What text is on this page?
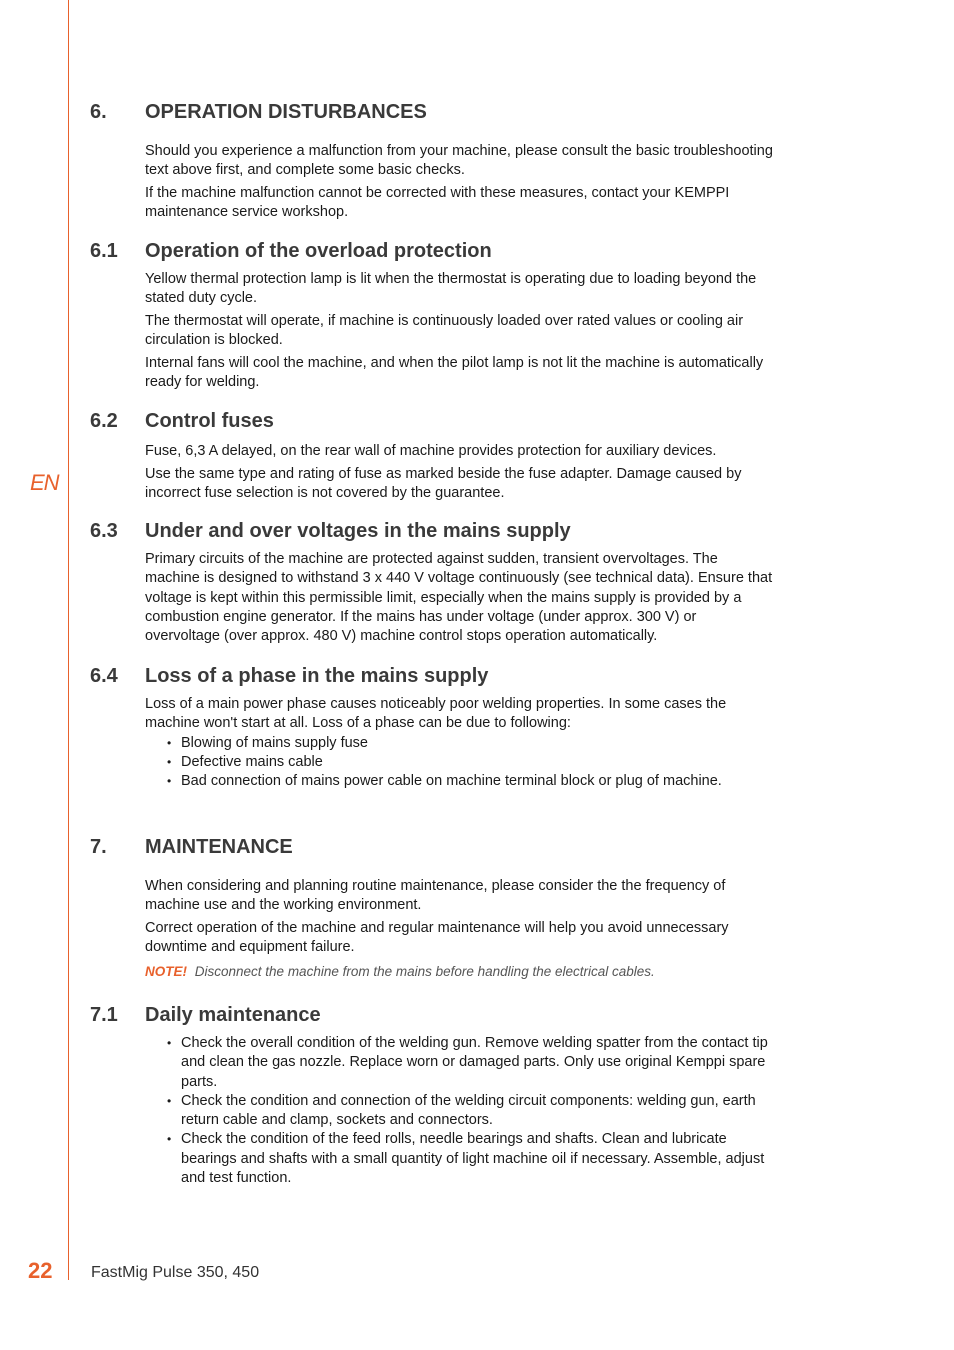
EN
6. OPERATION DISTURBANCES

Should you experience a malfunction from your machine, please consult the basic troubleshooting text above first, and complete some basic checks.

If the machine malfunction cannot be corrected with these measures, contact your KEMPPI maintenance service workshop.

6.1 Operation of the overload protection

Yellow thermal protection lamp is lit when the thermostat is operating due to loading beyond the stated duty cycle.

The thermostat will operate, if machine is continuously loaded over rated values or cooling air circulation is blocked.

Internal fans will cool the machine, and when the pilot lamp is not lit the machine is automatically ready for welding.

6.2 Control fuses

Fuse, 6,3 A delayed, on the rear wall of machine provides protection for auxiliary devices.

Use the same type and rating of fuse as marked beside the fuse adapter. Damage caused by incorrect fuse selection is not covered by the guarantee.

6.3 Under and over voltages in the mains supply

Primary circuits of the machine are protected against sudden, transient overvoltages. The machine is designed to withstand 3 x 440 V voltage continuously (see technical data). Ensure that voltage is kept within this permissible limit, especially when the mains supply is provided by a combustion engine generator. If the mains has under voltage (under approx. 300 V) or overvoltage (over approx. 480 V) machine control stops operation automatically.

6.4 Loss of a phase in the mains supply

Loss of a main power phase causes noticeably poor welding properties. In some cases the machine won't start at all. Loss of a phase can be due to following:

• Blowing of mains supply fuse
• Defective mains cable
• Bad connection of mains power cable on machine terminal block or plug of machine.
7. MAINTENANCE

When considering and planning routine maintenance, please consider the the frequency of machine use and the working environment.

Correct operation of the machine and regular maintenance will help you avoid unnecessary downtime and equipment failure.

NOTE! Disconnect the machine from the mains before handling the electrical cables.
7.1 Daily maintenance
• Check the overall condition of the welding gun. Remove welding spatter from the contact tip and clean the gas nozzle. Replace worn or damaged parts. Only use original Kemppi spare parts.
• Check the condition and connection of the welding circuit components: welding gun, earth return cable and clamp, sockets and connectors.
• Check the condition of the feed rolls, needle bearings and shafts. Clean and lubricate bearings and shafts with a small quantity of light machine oil if necessary. Assemble, adjust and test function.
22 FastMig Pulse 350, 450
